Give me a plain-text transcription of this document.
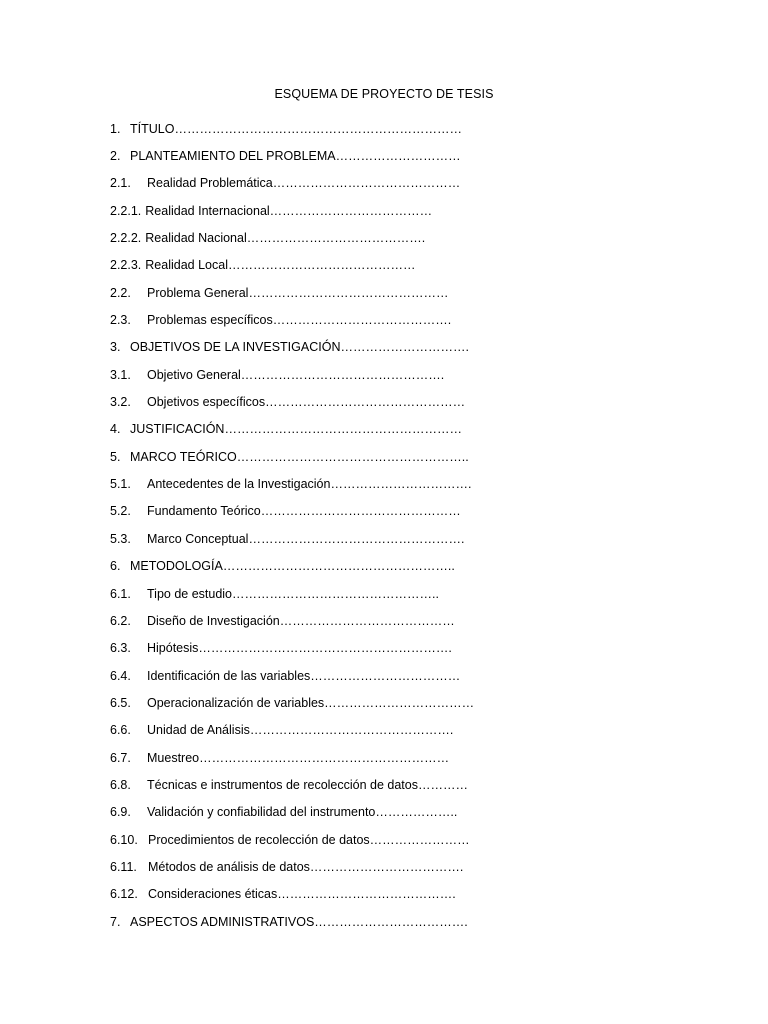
ESQUEMA DE PROYECTO DE TESIS
1. TÍTULO……………………………………………………………
2. PLANTEAMIENTO DEL PROBLEMA…………………………
2.1.	Realidad Problemática………………………………………
2.2.1. Realidad Internacional…………………………………
2.2.2. Realidad Nacional…………………………………….
2.2.3. Realidad Local………………………………………
2.2.	Problema General…………………………………………
2.3.	Problemas específicos…………………………………….
3. OBJETIVOS DE LA INVESTIGACIÓN………………………….
3.1.	Objetivo General………………………………………….
3.2.	Objetivos específicos…………………………………………
4. JUSTIFICACIÓN…………………………………………………
5. MARCO TEÓRICO………………………………………………..
5.1.	Antecedentes de la Investigación…………………………….
5.2.	Fundamento Teórico…………………………………………
5.3.	Marco Conceptual…………………………………………….
6. METODOLOGÍA………………………………………………..
6.1.	Tipo de estudio…………………………………………..
6.2.	Diseño de Investigación……………………………………
6.3.	Hipótesis…………………………………………………….
6.4.	Identificación de las variables………………………………
6.5.	Operacionalización de variables………………………………
6.6.	Unidad de Análisis………………………………………….
6.7.	Muestreo……………………………………………………
6.8.	Técnicas e instrumentos de recolección de datos…………
6.9.	Validación y confiabilidad del instrumento………………..
6.10. Procedimientos de recolección de datos……………………
6.11. Métodos de análisis de datos……………………………….
6.12. Consideraciones éticas…………………………………….
7. ASPECTOS ADMINISTRATIVOS……………………………….
